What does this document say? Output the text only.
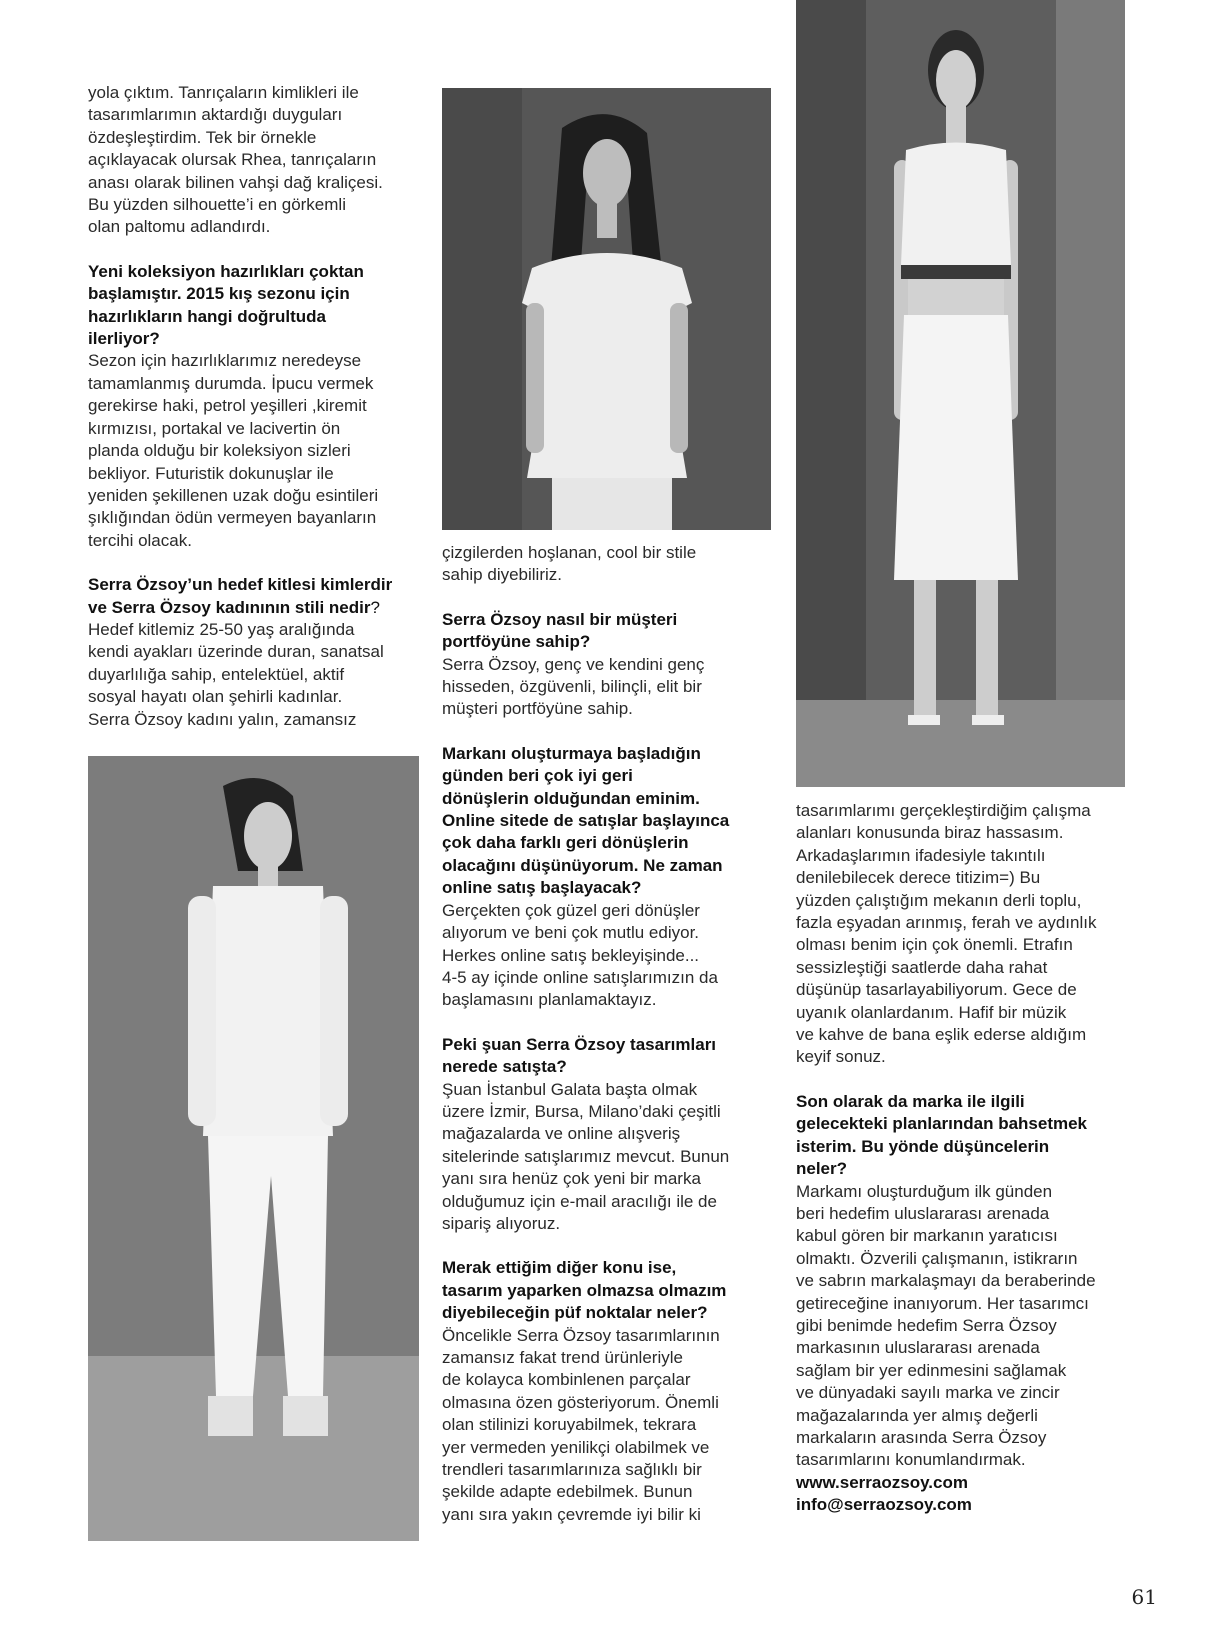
yola çıktım. Tanrıçaların kimlikleri ile
tasarımlarımın aktardığı duyguları
özdeşleştirdim. Tek bir örnekle
açıklayacak olursak Rhea, tanrıçaların
anası olarak bilinen vahşi dağ kraliçesi.
Bu yüzden silhouette’i en görkemli
olan paltomu adlandırdı.

Yeni koleksiyon hazırlıkları çoktan
başlamıştır. 2015 kış sezonu için
hazırlıkların hangi doğrultuda
ilerliyor?

Sezon için hazırlıklarımız neredeyse
tamamlanmış durumda. İpucu vermek
gerekirse haki, petrol yeşilleri ,kiremit
kırmızısı, portakal ve lacivertin ön
planda olduğu bir koleksiyon sizleri
bekliyor. Futuristik dokunuşlar ile
yeniden şekillenen uzak doğu esintileri
şıklığından ödün vermeyen bayanların
tercihi olacak.

Serra Özsoy’un hedef kitlesi kimlerdir
ve Serra Özsoy kadınının stili nedir?

Hedef kitlemiz 25-50 yaş aralığında
kendi ayakları üzerinde duran, sanatsal
duyarlılığa sahip, entelektüel, aktif
sosyal hayatı olan şehirli kadınlar.
Serra Özsoy kadını yalın, zamansız

çizgilerden hoşlanan, cool bir stile
sahip diyebiliriz.

Serra Özsoy nasıl bir müşteri
portföyüne sahip?

Serra Özsoy, genç ve kendini genç
hisseden, özgüvenli, bilinçli, elit bir
müşteri portföyüne sahip.

Markanı oluşturmaya başladığın
günden beri çok iyi geri
dönüşlerin olduğundan eminim.
Online sitede de satışlar başlayınca
çok daha farklı geri dönüşlerin
olacağını düşünüyorum. Ne zaman
online satış başlayacak?

Gerçekten çok güzel geri dönüşler
alıyorum ve beni çok mutlu ediyor.
Herkes online satış bekleyişinde...
4-5 ay içinde online satışlarımızın da
başlamasını planlamaktayız.

Peki şuan Serra Özsoy tasarımları
nerede satışta?

Şuan İstanbul Galata başta olmak
üzere İzmir, Bursa, Milano’daki çeşitli
mağazalarda ve online alışveriş
sitelerinde satışlarımız mevcut. Bunun
yanı sıra henüz çok yeni bir marka
olduğumuz için e-mail aracılığı ile de
sipariş alıyoruz.

Merak ettiğim diğer konu ise,
tasarım yaparken olmazsa olmazım
diyebileceğin püf noktalar neler?

Öncelikle Serra Özsoy tasarımlarının
zamansız fakat trend ürünleriyle
de kolayca kombinlenen parçalar
olmasına özen gösteriyorum. Önemli
olan stilinizi koruyabilmek, tekrara
yer vermeden yenilikçi olabilmek ve
trendleri tasarımlarınıza sağlıklı bir
şekilde adapte edebilmek. Bunun
yanı sıra yakın çevremde iyi bilir ki

tasarımlarımı gerçekleştirdiğim çalışma
alanları konusunda biraz hassasım.
Arkadaşlarımın ifadesiyle takıntılı
denilebilecek derece titizim=) Bu
yüzden çalıştığım mekanın derli toplu,
fazla eşyadan arınmış, ferah ve aydınlık
olması benim için çok önemli. Etrafın
sessizleştiği saatlerde daha rahat
düşünüp tasarlayabiliyorum. Gece de
uyanık olanlardanım. Hafif bir müzik
ve kahve de bana eşlik ederse aldığım
keyif sonuz.

Son olarak da marka ile ilgili
gelecekteki planlarından bahsetmek
isterim. Bu yönde düşüncelerin
neler?

Markamı oluşturduğum ilk günden
beri hedefim uluslararası arenada
kabul gören bir markanın yaratıcısı
olmaktı. Özverili çalışmanın, istikrarın
ve sabrın markalaşmayı da beraberinde
getireceğine inanıyorum. Her tasarımcı
gibi benimde hedefim Serra Özsoy
markasının uluslararası arenada
sağlam bir yer edinmesini sağlamak
ve dünyadaki sayılı marka ve zincir
mağazalarında yer almış değerli
markaların arasında Serra Özsoy
tasarımlarını konumlandırmak.

www.serraozsoy.com
info@serraozsoy.com
61
